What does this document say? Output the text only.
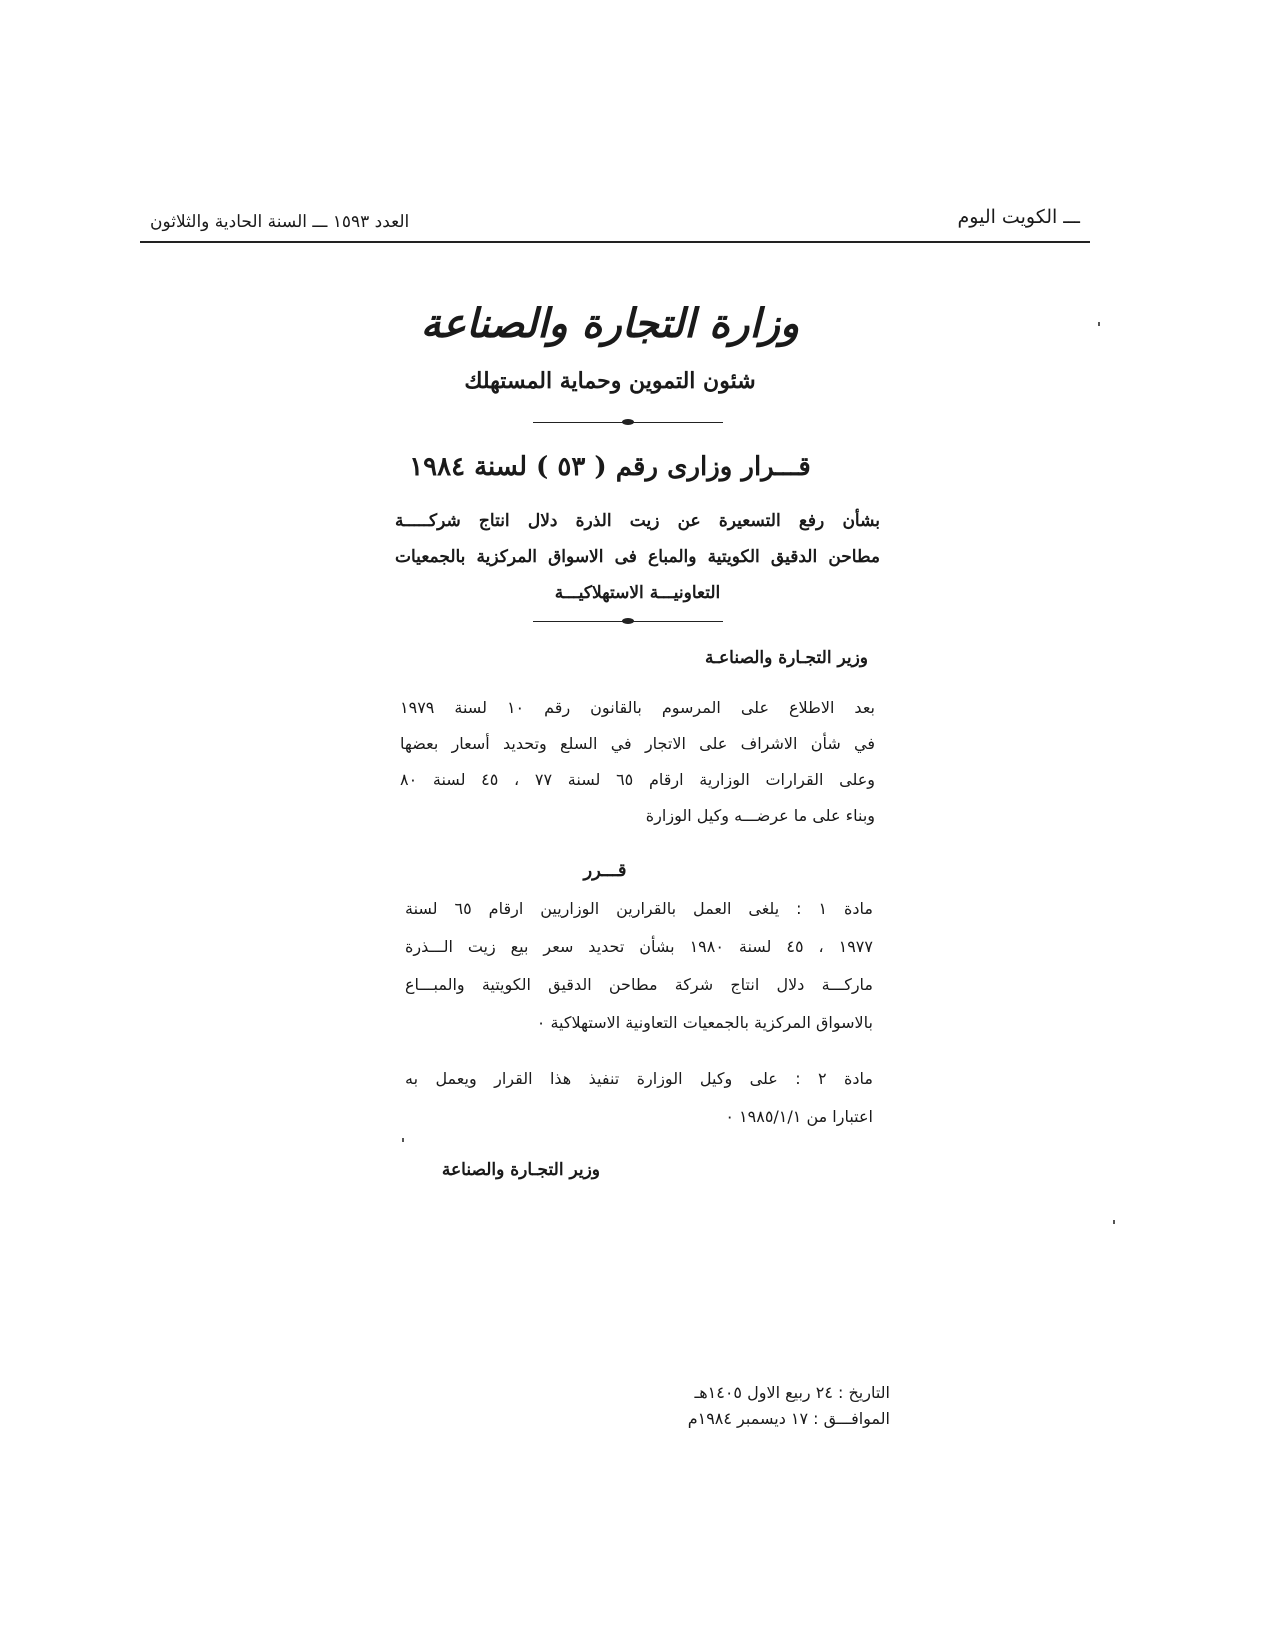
ـــ الكويت اليوم
العدد ١٥٩٣ ـــ السنة الحادية والثلاثون
وزارة التجارة والصناعة
شئون التموين وحماية المستهلك
قـــرار وزارى رقم ( ٥٣ ) لسنة ١٩٨٤
بشأن رفع التسعيرة عن زيت الذرة دلال انتاج شركـــــة
مطاحن الدقيق الكويتية والمباع فى الاسواق المركزية بالجمعيات
التعاونيـــة الاستهلاكيـــة
وزير التجـارة والصناعـة
بعد الاطلاع على المرسوم بالقانون رقم ١٠ لسنة ١٩٧٩
في شأن الاشراف على الاتجار في السلع وتحديد أسعار بعضها
وعلى القرارات الوزارية ارقام ٦٥ لسنة ٧٧ ، ٤٥ لسنة ٨٠
وبناء على ما عرضـــه وكيل الوزارة
قـــرر
مادة ١ : يلغى العمل بالقرارين الوزاريين ارقام ٦٥ لسنة
١٩٧٧ ، ٤٥ لسنة ١٩٨٠ بشأن تحديد سعر بيع زيت الـــذرة
ماركـــة دلال انتاج شركة مطاحن الدقيق الكويتية والمبـــاع
بالاسواق المركزية بالجمعيات التعاونية الاستهلاكية ٠
مادة ٢ : على وكيل الوزارة تنفيذ هذا القرار ويعمل به
اعتبارا من ١٩٨٥/١/١ ٠
وزير التجـارة والصناعة
التاريخ : ٢٤ ربيع الاول ١٤٠٥هـ
الموافـــق : ١٧ ديسمبر ١٩٨٤م
